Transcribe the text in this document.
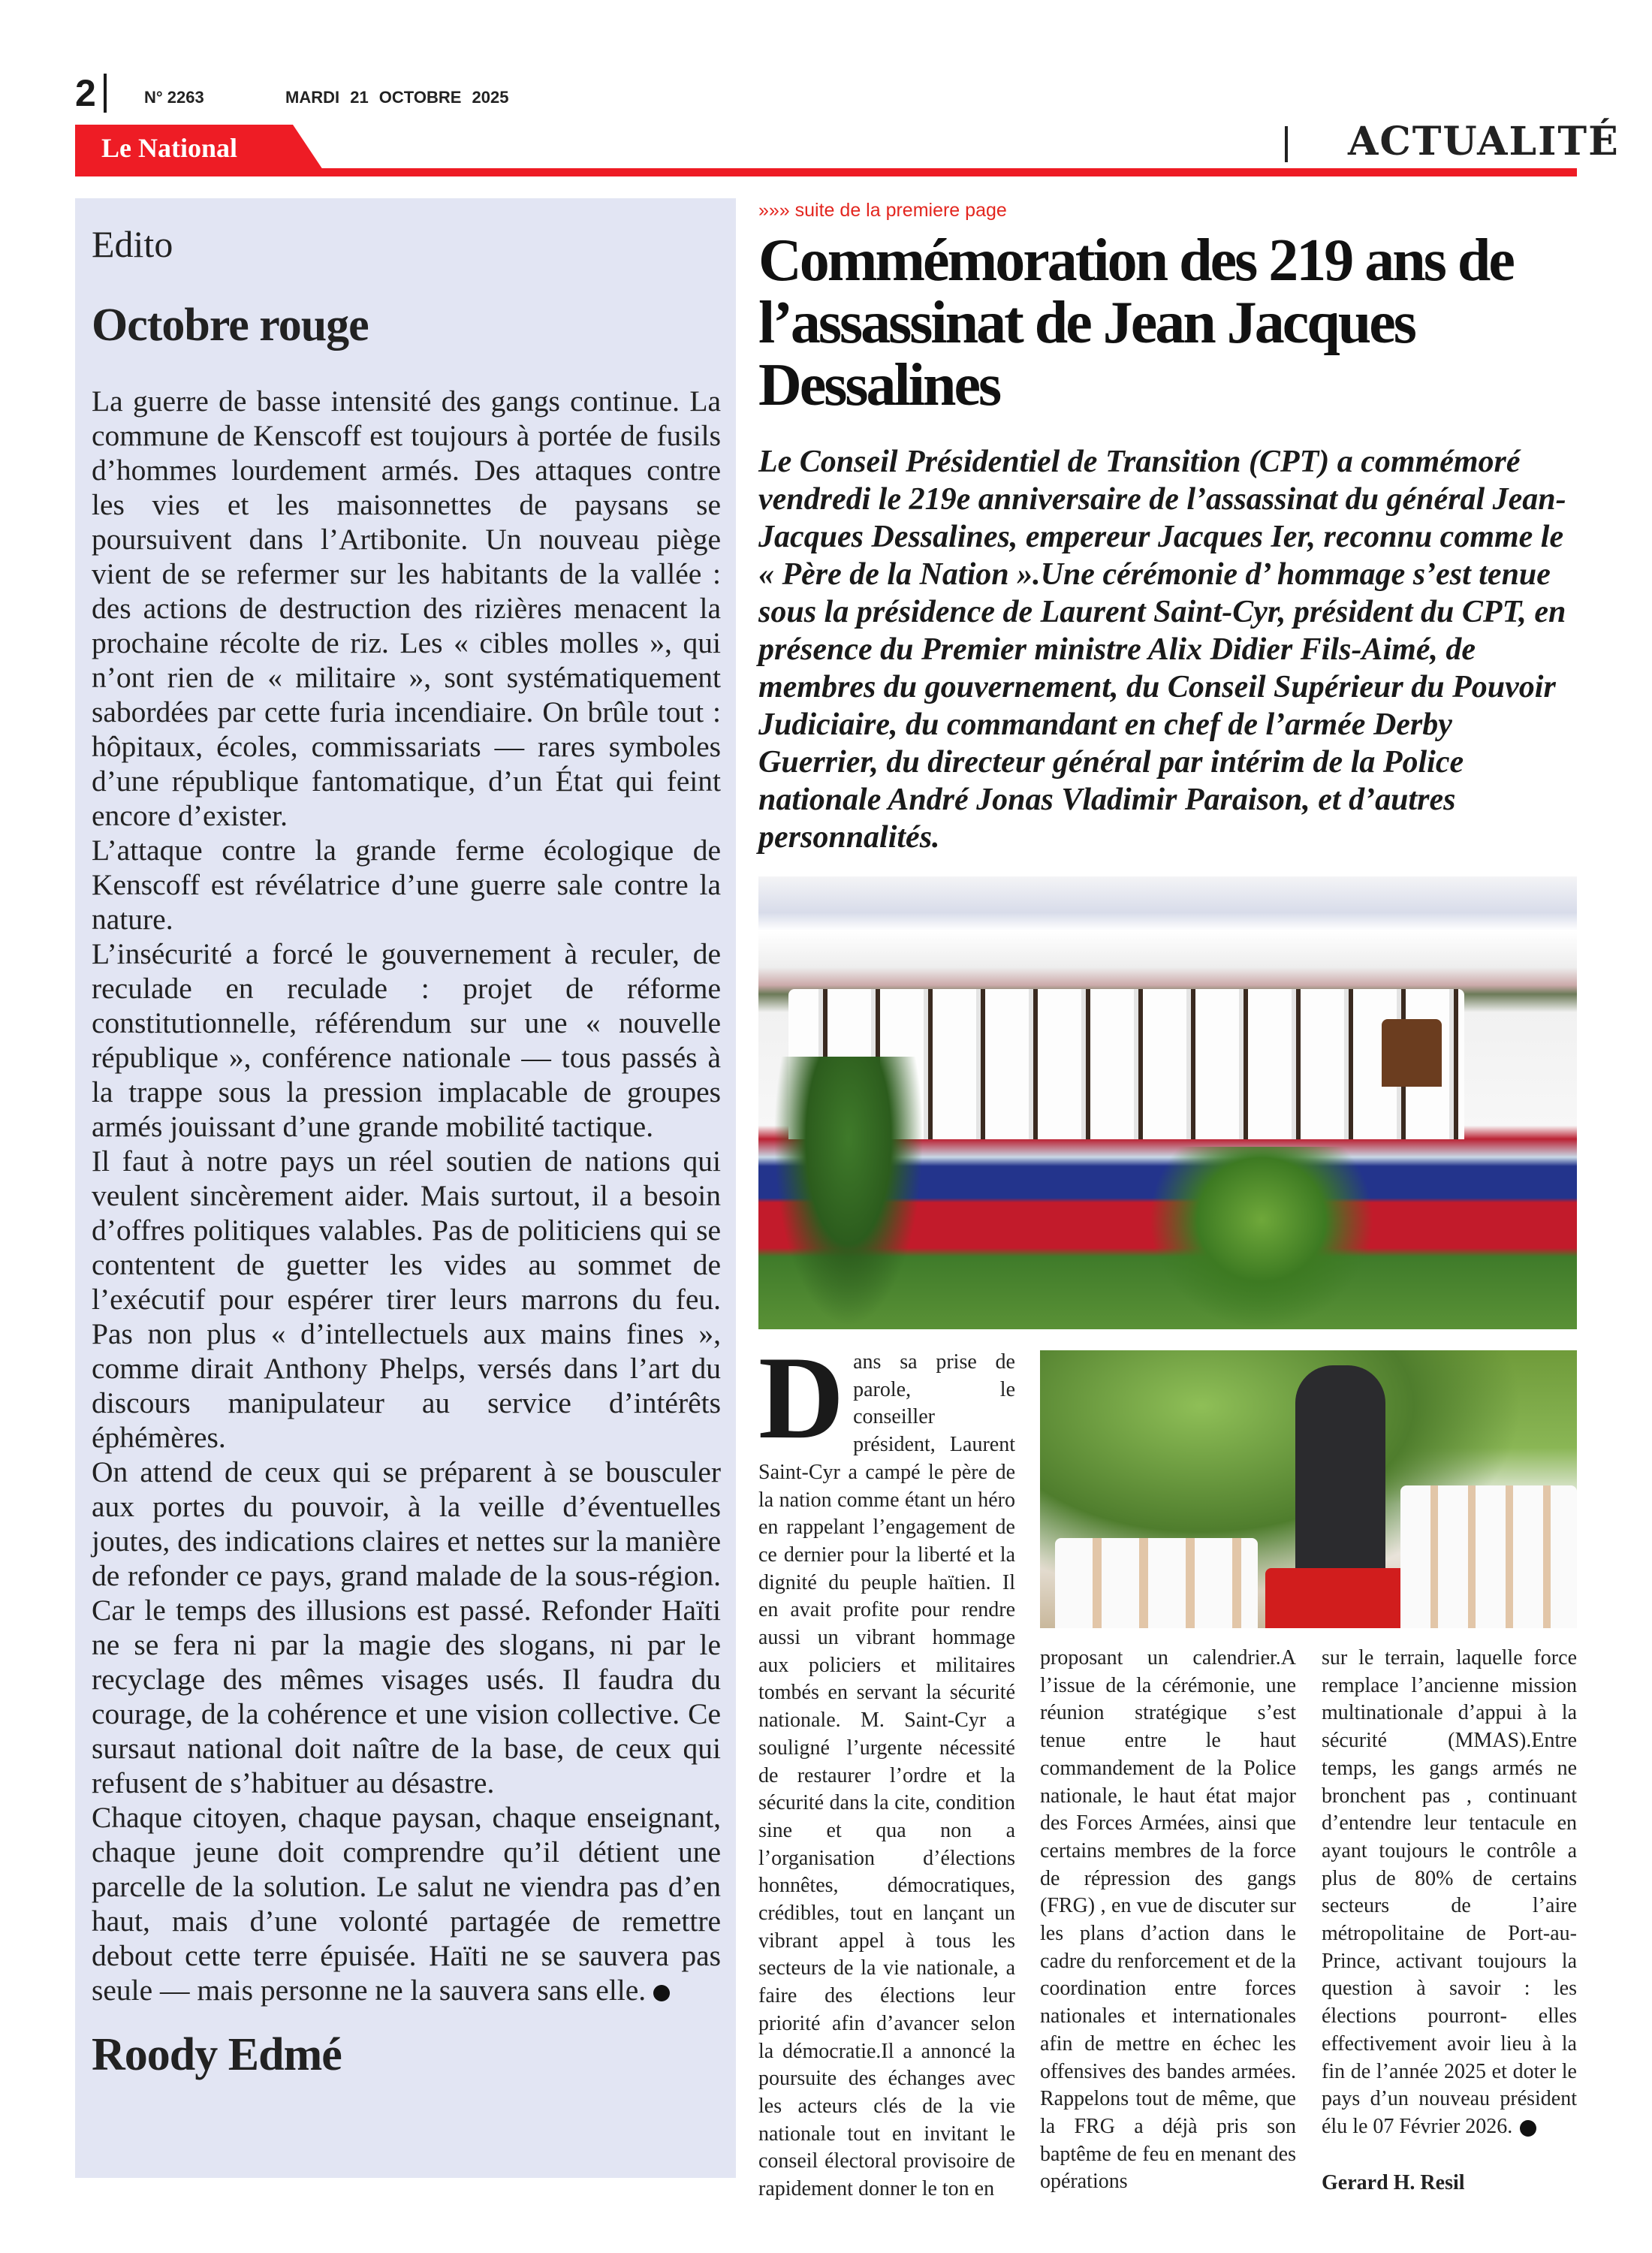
2	N° 2263	MARDI 21 OCTOBRE 2025
Le National	ACTUALITÉ
Edito
Octobre rouge

La guerre de basse intensité des gangs continue. La commune de Kenscoff est toujours à portée de fusils d’hommes lourdement armés. Des attaques contre les vies et les maisonnettes de paysans se poursuivent dans l’Artibonite. Un nouveau piège vient de se refermer sur les habitants de la vallée : des actions de destruction des rizières menacent la prochaine récolte de riz. Les « cibles molles », qui n’ont rien de « militaire », sont systématiquement sabordées par cette furia incendiaire. On brûle tout : hôpitaux, écoles, commissariats — rares symboles d’une république fantomatique, d’un État qui feint encore d’exister.

L’attaque contre la grande ferme écologique de Kenscoff est révélatrice d’une guerre sale contre la nature.

L’insécurité a forcé le gouvernement à reculer, de reculade en reculade : projet de réforme constitutionnelle, référendum sur une « nouvelle république », conférence nationale — tous passés à la trappe sous la pression implacable de groupes armés jouissant d’une grande mobilité tactique.

Il faut à notre pays un réel soutien de nations qui veulent sincèrement aider. Mais surtout, il a besoin d’offres politiques valables. Pas de politiciens qui se contentent de guetter les vides au sommet de l’exécutif pour espérer tirer leurs marrons du feu. Pas non plus « d’intellectuels aux mains fines », comme dirait Anthony Phelps, versés dans l’art du discours manipulateur au service d’intérêts éphémères.

On attend de ceux qui se préparent à se bousculer aux portes du pouvoir, à la veille d’éventuelles joutes, des indications claires et nettes sur la manière de refonder ce pays, grand malade de la sous-région. Car le temps des illusions est passé. Refonder Haïti ne se fera ni par la magie des slogans, ni par le recyclage des mêmes visages usés. Il faudra du courage, de la cohérence et une vision collective. Ce sursaut national doit naître de la base, de ceux qui refusent de s’habituer au désastre.

Chaque citoyen, chaque paysan, chaque enseignant, chaque jeune doit comprendre qu’il détient une parcelle de la solution. Le salut ne viendra pas d’en haut, mais d’une volonté partagée de remettre debout cette terre épuisée. Haïti ne se sauvera pas seule — mais personne ne la sauvera sans elle.

Roody Edmé
»»» suite de la premiere page
Commémoration des 219 ans de l’assassinat de Jean Jacques Dessalines
Le Conseil Présidentiel de Transition (CPT) a commémoré vendredi le 219e anniversaire de l’assassinat du général Jean-Jacques Dessalines, empereur Jacques Ier, reconnu comme le « Père de la Nation ».Une cérémonie d’ hommage s’est tenue sous la présidence de Laurent Saint-Cyr, président du CPT, en présence du Premier ministre Alix Didier Fils-Aimé, de membres du gouvernement, du Conseil Supérieur du Pouvoir Judiciaire, du commandant en chef de l’armée Derby Guerrier, du directeur général par intérim de la Police nationale André Jonas Vladimir Paraison, et d’autres personnalités.
Dans sa prise de parole, le conseiller président, Laurent Saint-Cyr a campé le père de la nation comme étant un héro en rappelant l’engagement de ce dernier pour la liberté et la dignité du peuple haïtien. Il en avait profite pour rendre aussi un vibrant hommage aux policiers et militaires tombés en servant la sécurité nationale. M. Saint-Cyr a souligné l’urgente nécessité de restaurer l’ordre et la sécurité dans la cite, condition sine et qua non a l’organisation d’élections honnêtes, démocratiques, crédibles, tout en lançant un vibrant appel à tous les secteurs de la vie nationale, a faire des élections leur priorité afin d’avancer selon la démocratie.Il a annoncé la poursuite des échanges avec les acteurs clés de la vie nationale tout en invitant le conseil électoral provisoire de rapidement donner le ton en
proposant un calendrier.A l’issue de la cérémonie, une réunion stratégique s’est tenue entre le haut commandement de la Police nationale, le haut état major des Forces Armées, ainsi que certains membres de la force de répression des gangs (FRG) , en vue de discuter sur les plans d’action dans le cadre du renforcement et de la coordination entre forces nationales et internationales afin de mettre en échec les offensives des bandes armées. Rappelons tout de même, que la FRG a déjà pris son baptême de feu en menant des opérations
sur le terrain, laquelle force remplace l’ancienne mission multinationale d’appui à la sécurité (MMAS).Entre temps, les gangs armés ne bronchent pas , continuant d’entendre leur tentacule en ayant toujours le contrôle a plus de 80% de certains secteurs de l’aire métropolitaine de Port-au-Prince, activant toujours la question à savoir : les élections pourront- elles effectivement avoir lieu à la fin de l’année 2025 et doter le pays d’un nouveau président élu le 07 Février 2026.
Gerard H. Resil
